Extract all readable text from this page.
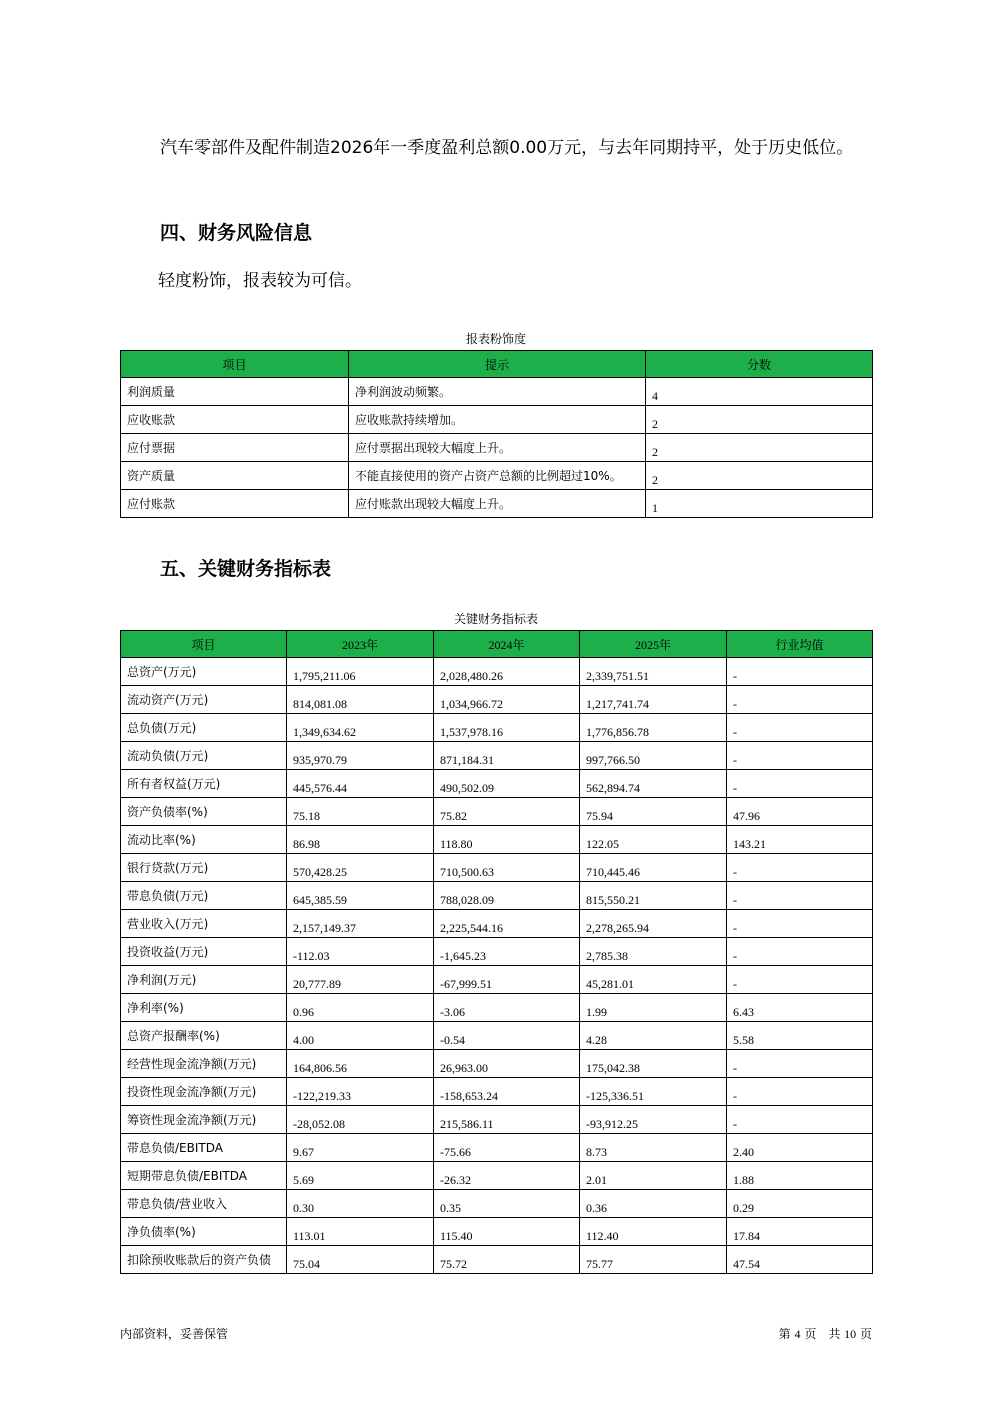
汽车零部件及配件制造2026年一季度盈利总额0.00万元，与去年同期持平，处于历史低位。

四、财务风险信息

轻度粉饰，报表较为可信。

报表粉饰度
项目	提示	分数
利润质量	净利润波动频繁。	4
应收账款	应收账款持续增加。	2
应付票据	应付票据出现较大幅度上升。	2
资产质量	不能直接使用的资产占资产总额的比例超过10%。	2
应付账款	应付账款出现较大幅度上升。	1
五、关键财务指标表
关键财务指标表
项目	2023年	2024年	2025年	行业均值
总资产(万元)	1,795,211.06	2,028,480.26	2,339,751.51	-
流动资产(万元)	814,081.08	1,034,966.72	1,217,741.74	-
总负债(万元)	1,349,634.62	1,537,978.16	1,776,856.78	-
流动负债(万元)	935,970.79	871,184.31	997,766.50	-
所有者权益(万元)	445,576.44	490,502.09	562,894.74	-
资产负债率(%)	75.18	75.82	75.94	47.96
流动比率(%)	86.98	118.80	122.05	143.21
银行贷款(万元)	570,428.25	710,500.63	710,445.46	-
带息负债(万元)	645,385.59	788,028.09	815,550.21	-
营业收入(万元)	2,157,149.37	2,225,544.16	2,278,265.94	-
投资收益(万元)	-112.03	-1,645.23	2,785.38	-
净利润(万元)	20,777.89	-67,999.51	45,281.01	-
净利率(%)	0.96	-3.06	1.99	6.43
总资产报酬率(%)	4.00	-0.54	4.28	5.58
经营性现金流净额(万元)	164,806.56	26,963.00	175,042.38	-
投资性现金流净额(万元)	-122,219.33	-158,653.24	-125,336.51	-
筹资性现金流净额(万元)	-28,052.08	215,586.11	-93,912.25	-
带息负债/EBITDA	9.67	-75.66	8.73	2.40
短期带息负债/EBITDA	5.69	-26.32	2.01	1.88
带息负债/营业收入	0.30	0.35	0.36	0.29
净负债率(%)	113.01	115.40	112.40	17.84
扣除预收账款后的资产负债	75.04	75.72	75.77	47.54
内部资料，妥善保管	第 4 页　共 10 页
